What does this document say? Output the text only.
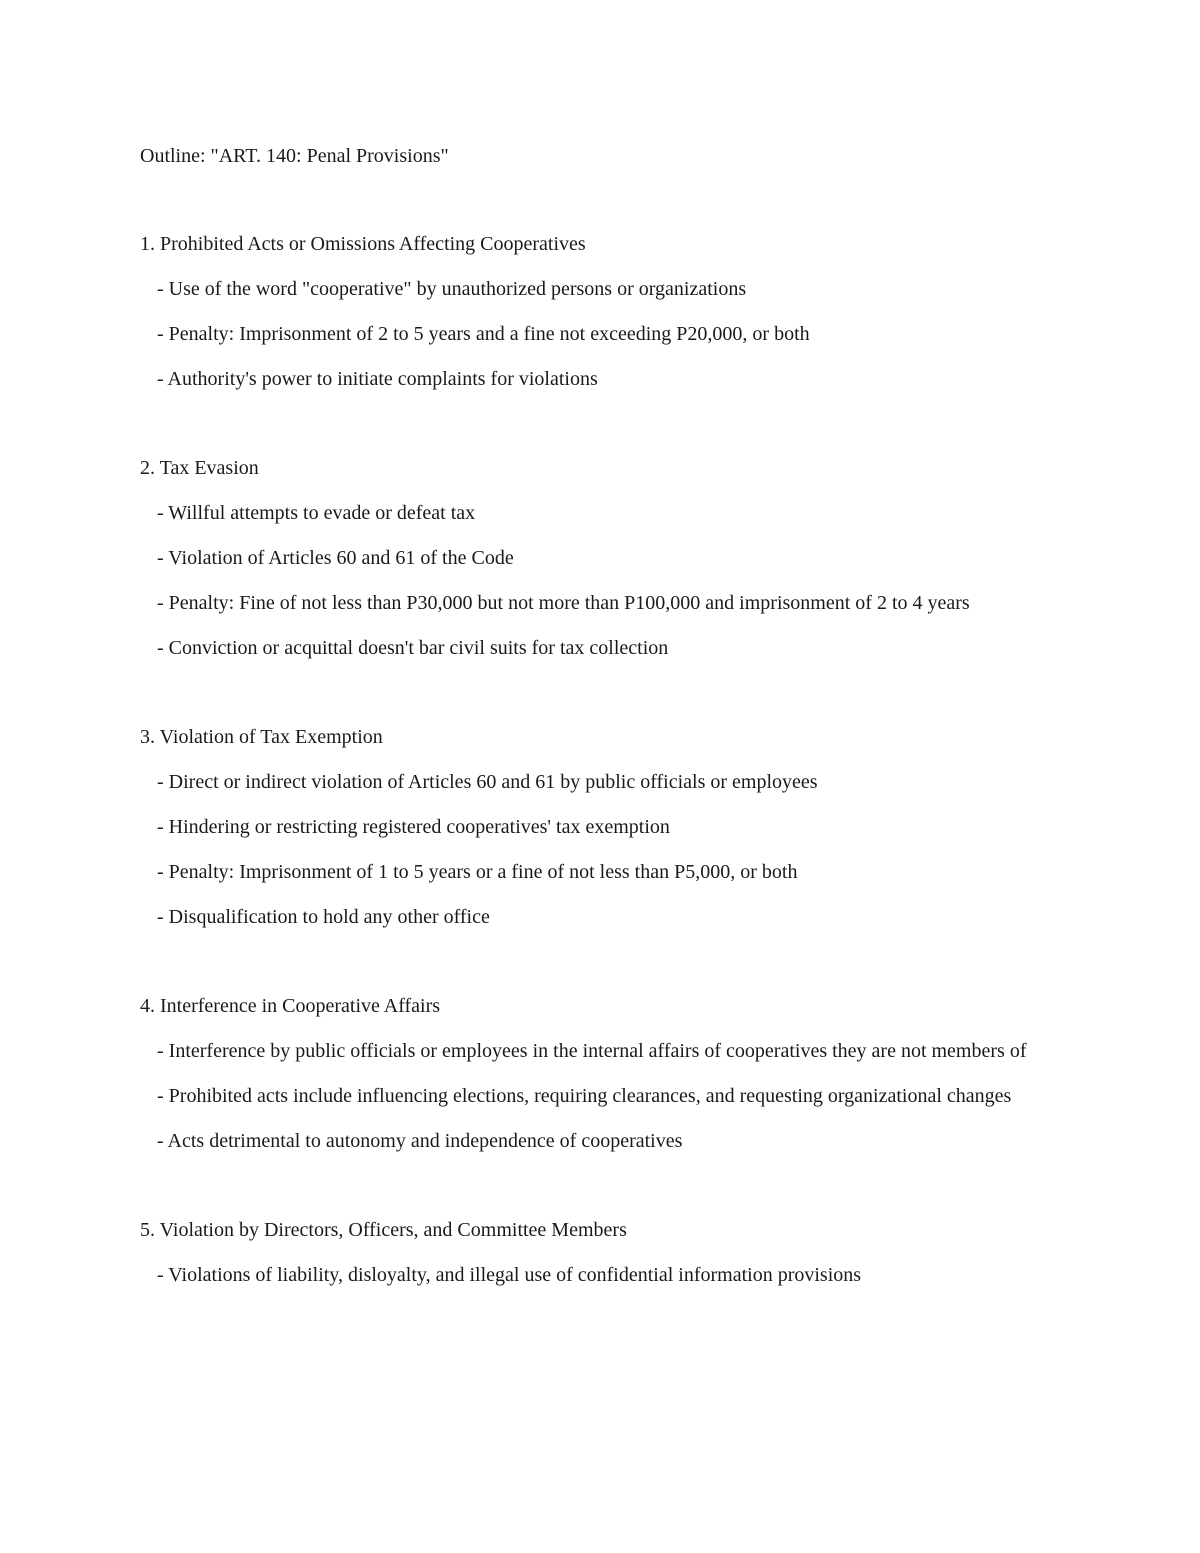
Outline: "ART. 140: Penal Provisions"
1. Prohibited Acts or Omissions Affecting Cooperatives
- Use of the word "cooperative" by unauthorized persons or organizations
- Penalty: Imprisonment of 2 to 5 years and a fine not exceeding P20,000, or both
- Authority's power to initiate complaints for violations
2. Tax Evasion
- Willful attempts to evade or defeat tax
- Violation of Articles 60 and 61 of the Code
- Penalty: Fine of not less than P30,000 but not more than P100,000 and imprisonment of 2 to 4 years
- Conviction or acquittal doesn't bar civil suits for tax collection
3. Violation of Tax Exemption
- Direct or indirect violation of Articles 60 and 61 by public officials or employees
- Hindering or restricting registered cooperatives' tax exemption
- Penalty: Imprisonment of 1 to 5 years or a fine of not less than P5,000, or both
- Disqualification to hold any other office
4. Interference in Cooperative Affairs
- Interference by public officials or employees in the internal affairs of cooperatives they are not members of
- Prohibited acts include influencing elections, requiring clearances, and requesting organizational changes
- Acts detrimental to autonomy and independence of cooperatives
5. Violation by Directors, Officers, and Committee Members
- Violations of liability, disloyalty, and illegal use of confidential information provisions
